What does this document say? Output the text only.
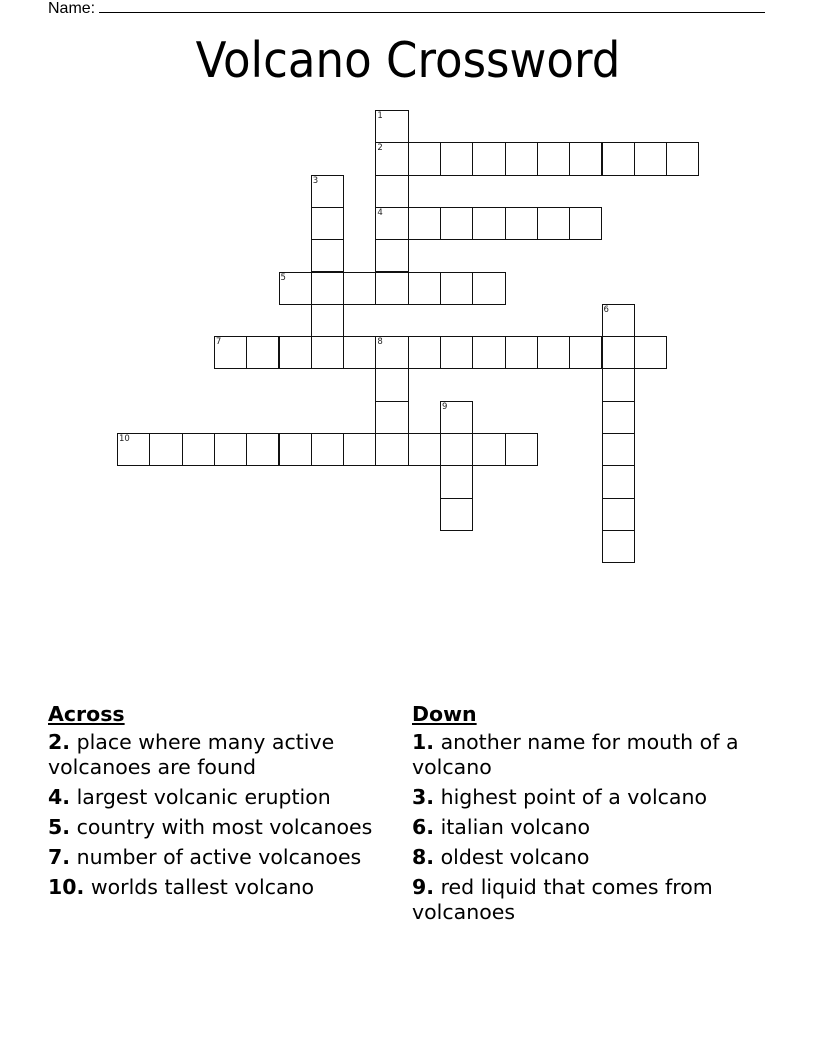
Name:
Volcano Crossword
1
2
4
3
5
6
7	8
9
10
Across
2. place where many active volcanoes are found
4. largest volcanic eruption
5. country with most volcanoes
7. number of active volcanoes
10. worlds tallest volcano
Down
1. another name for mouth of a volcano
3. highest point of a volcano
6. italian volcano
8. oldest volcano
9. red liquid that comes from volcanoes
